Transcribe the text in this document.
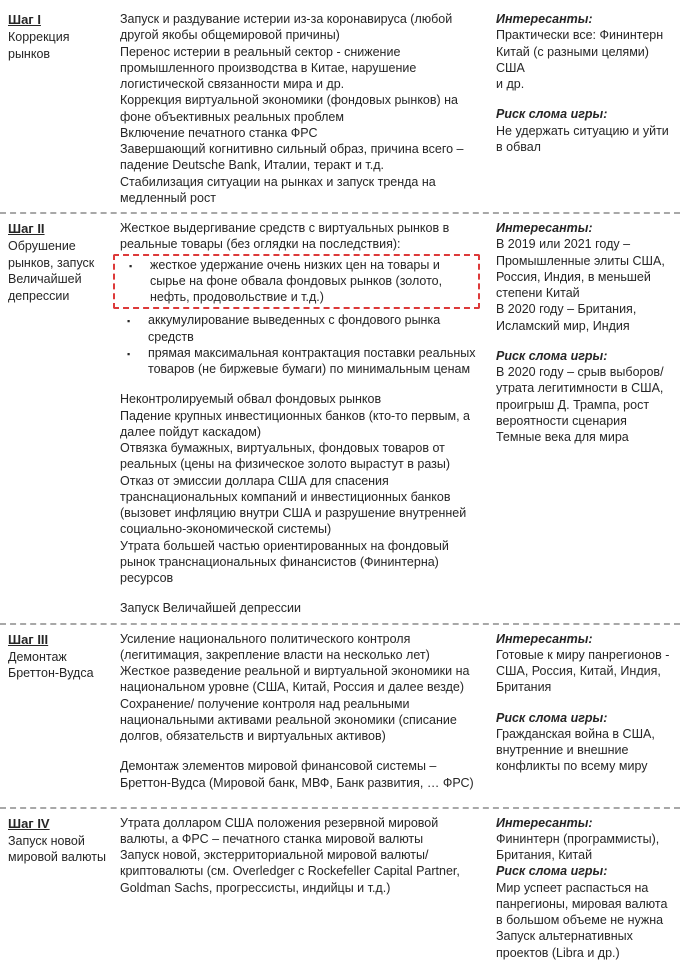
Шаг I
Коррекция рынков

Запуск и раздувание истерии из-за коронавируса (любой другой якобы общемировой причины)

Перенос истерии в реальный сектор - снижение промышленного производства в Китае, нарушение логистической связанности мира и др.

Коррекция виртуальной экономики (фондовых рынков) на фоне объективных реальных проблем

Включение печатного станка ФРС

Завершающий когнитивно сильный образ, причина всего – падение Deutsche Bank, Италии, теракт и т.д.

Стабилизация ситуации на рынках и запуск тренда на медленный рост

Интересанты:
Практически все: Фининтерн
Китай (с разными целями)
США
и др.
Риск слома игры:
Не удержать ситуацию и уйти в обвал
Шаг II
Обрушение рынков, запуск Величайшей депрессии

Жесткое выдергивание средств с виртуальных рынков в реальные товары (без оглядки на последствия):

▪ жесткое удержание очень низких цен на товары и сырье на фоне обвала фондовых рынков (золото, нефть, продовольствие и т.д.)
▪ аккумулирование выведенных с фондового рынка средств
▪ прямая максимальная контрактация поставки реальных товаров (не биржевые бумаги) по минимальным ценам

Неконтролируемый обвал фондовых рынков

Падение крупных инвестиционных банков (кто-то первым, а далее пойдут каскадом)

Отвязка бумажных, виртуальных, фондовых товаров от реальных (цены на физическое золото вырастут в разы)

Отказ от эмиссии доллара США для спасения транснациональных компаний и инвестиционных банков (вызовет инфляцию внутри США и разрушение внутренней социально-экономической системы)

Утрата большей частью ориентированных на фондовый рынок транснациональных финансистов (Фининтерна) ресурсов

Запуск Величайшей депрессии

Интересанты:
В 2019 или 2021 году – Промышленные элиты США, Россия, Индия, в меньшей степени Китай
В 2020 году – Британия, Исламский мир, Индия
Риск слома игры:
В 2020 году – срыв выборов/ утрата легитимности в США, проигрыш Д. Трампа, рост вероятности сценария Темные века для мира
Шаг III
Демонтаж Бреттон-Вудса

Усиление национального политического контроля (легитимация, закрепление власти на несколько лет)

Жесткое разведение реальной и виртуальной экономики на национальном уровне (США, Китай, Россия и далее везде)

Сохранение/ получение контроля над реальными национальными активами реальной экономики (списание долгов, обязательств и виртуальных активов)

Демонтаж элементов мировой финансовой системы – Бреттон-Вудса (Мировой банк, МВФ, Банк развития, … ФРС)

Интересанты:
Готовые к миру панрегионов - США, Россия, Китай, Индия, Британия
Риск слома игры:
Гражданская война в США, внутренние и внешние конфликты по всему миру
Шаг IV
Запуск новой мировой валюты

Утрата долларом США положения резервной мировой валюты, а ФРС – печатного станка мировой валюты

Запуск новой, экстерриториальной мировой валюты/ криптовалюты (см. Overledger с Rockefeller Capital Partner, Goldman Sachs, прогрессисты, индийцы и т.д.)

Интересанты:
Фининтерн (программисты), Британия, Китай
Риск слома игры:
Мир успеет распасться на панрегионы, мировая валюта в большом объеме не нужна
Запуск альтернативных проектов (Libra и др.)
